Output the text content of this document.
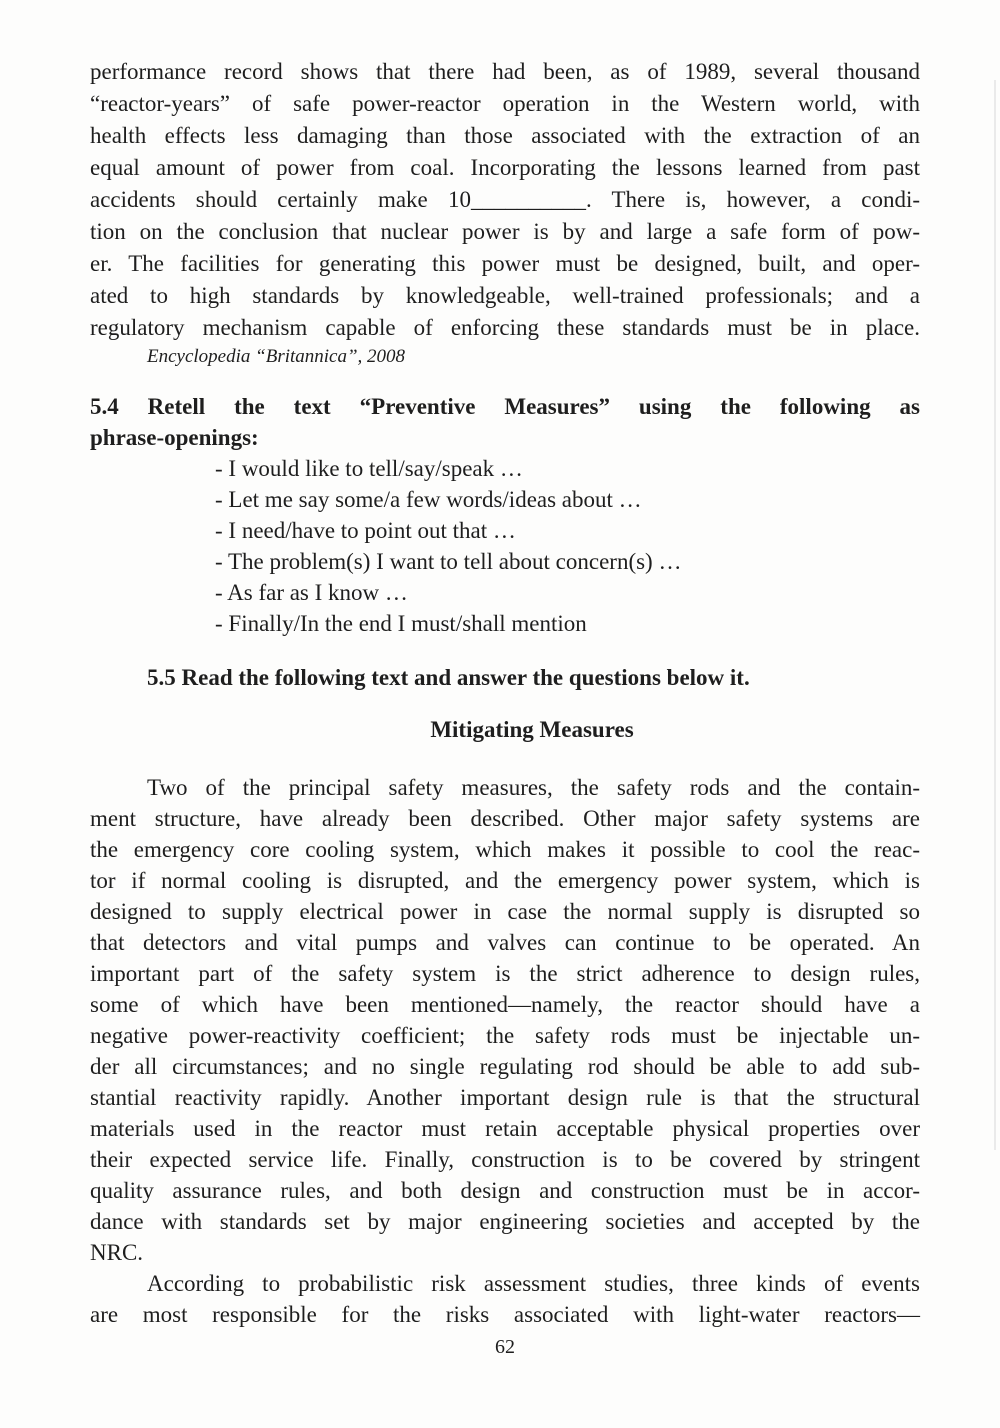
performance record shows that there had been, as of 1989, several thousand
“reactor-years” of safe power-reactor operation in the Western world, with
health effects less damaging than those associated with the extraction of an
equal amount of power from coal. Incorporating the lessons learned from past
accidents should certainly make 10__________. There is, however, a condi-
tion on the conclusion that nuclear power is by and large a safe form of pow-
er. The facilities for generating this power must be designed, built, and oper-
ated to high standards by knowledgeable, well-trained professionals; and a
regulatory mechanism capable of enforcing these standards must be in place.
Encyclopedia “Britannica”, 2008
5.4 Retell the text “Preventive Measures” using the following as
phrase-openings:
- I would like to tell/say/speak …
- Let me say some/a few words/ideas about …
- I need/have to point out that …
- The problem(s) I want to tell about concern(s) …
- As far as I know …
- Finally/In the end I must/shall mention
5.5 Read the following text and answer the questions below it.
Mitigating Measures
Two of the principal safety measures, the safety rods and the contain-
ment structure, have already been described. Other major safety systems are
the emergency core cooling system, which makes it possible to cool the reac-
tor if normal cooling is disrupted, and the emergency power system, which is
designed to supply electrical power in case the normal supply is disrupted so
that detectors and vital pumps and valves can continue to be operated. An
important part of the safety system is the strict adherence to design rules,
some of which have been mentioned—namely, the reactor should have a
negative power-reactivity coefficient; the safety rods must be injectable un-
der all circumstances; and no single regulating rod should be able to add sub-
stantial reactivity rapidly. Another important design rule is that the structural
materials used in the reactor must retain acceptable physical properties over
their expected service life. Finally, construction is to be covered by stringent
quality assurance rules, and both design and construction must be in accor-
dance with standards set by major engineering societies and accepted by the
NRC.
According to probabilistic risk assessment studies, three kinds of events
are most responsible for the risks associated with light-water reactors—
62
